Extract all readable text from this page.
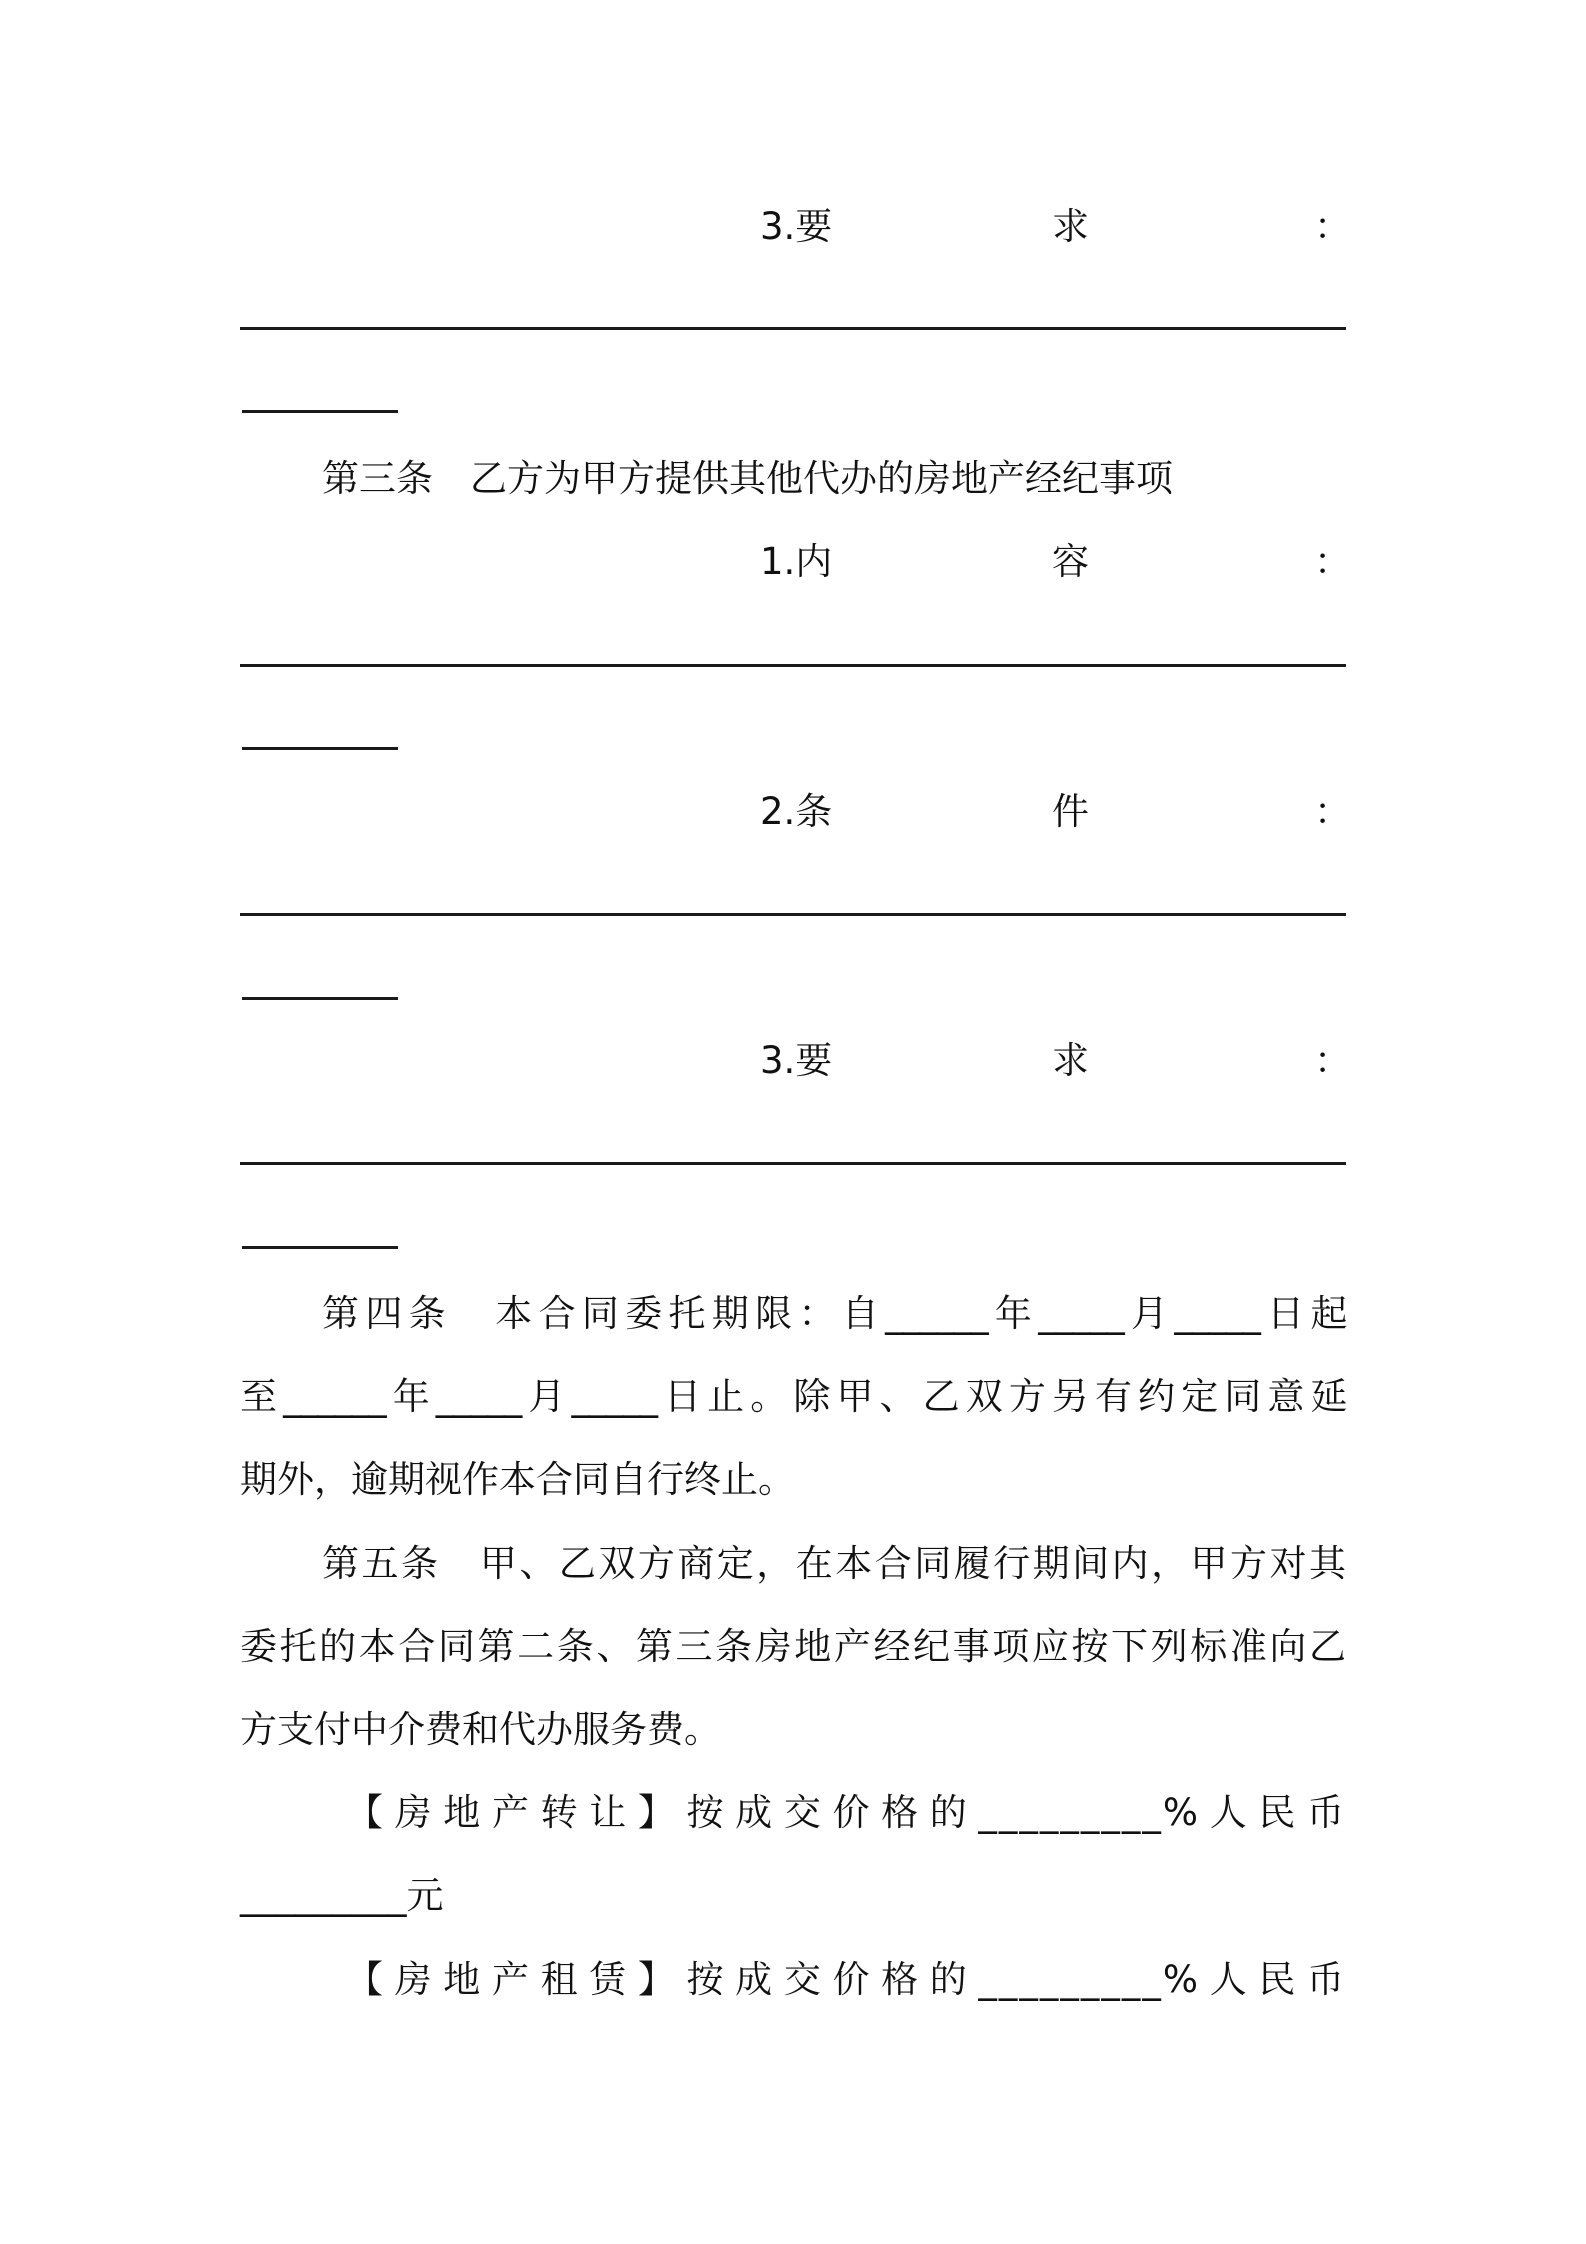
3.要	求	：
第三条　乙方为甲方提供其他代办的房地产经纪事项
1.内	容	：
2.条	件	：
3.要	求	：
第四条　本合同委托期限：自______年_____月_____日起
至______年_____月_____日止。除甲、乙双方另有约定同意延
期外，逾期视作本合同自行终止。
第五条　甲、乙双方商定，在本合同履行期间内，甲方对其
委托的本合同第二条、第三条房地产经纪事项应按下列标准向乙
方支付中介费和代办服务费。
【房地产转让】按成交价格的_________%人民币
_________元
【房地产租赁】按成交价格的_________%人民币
